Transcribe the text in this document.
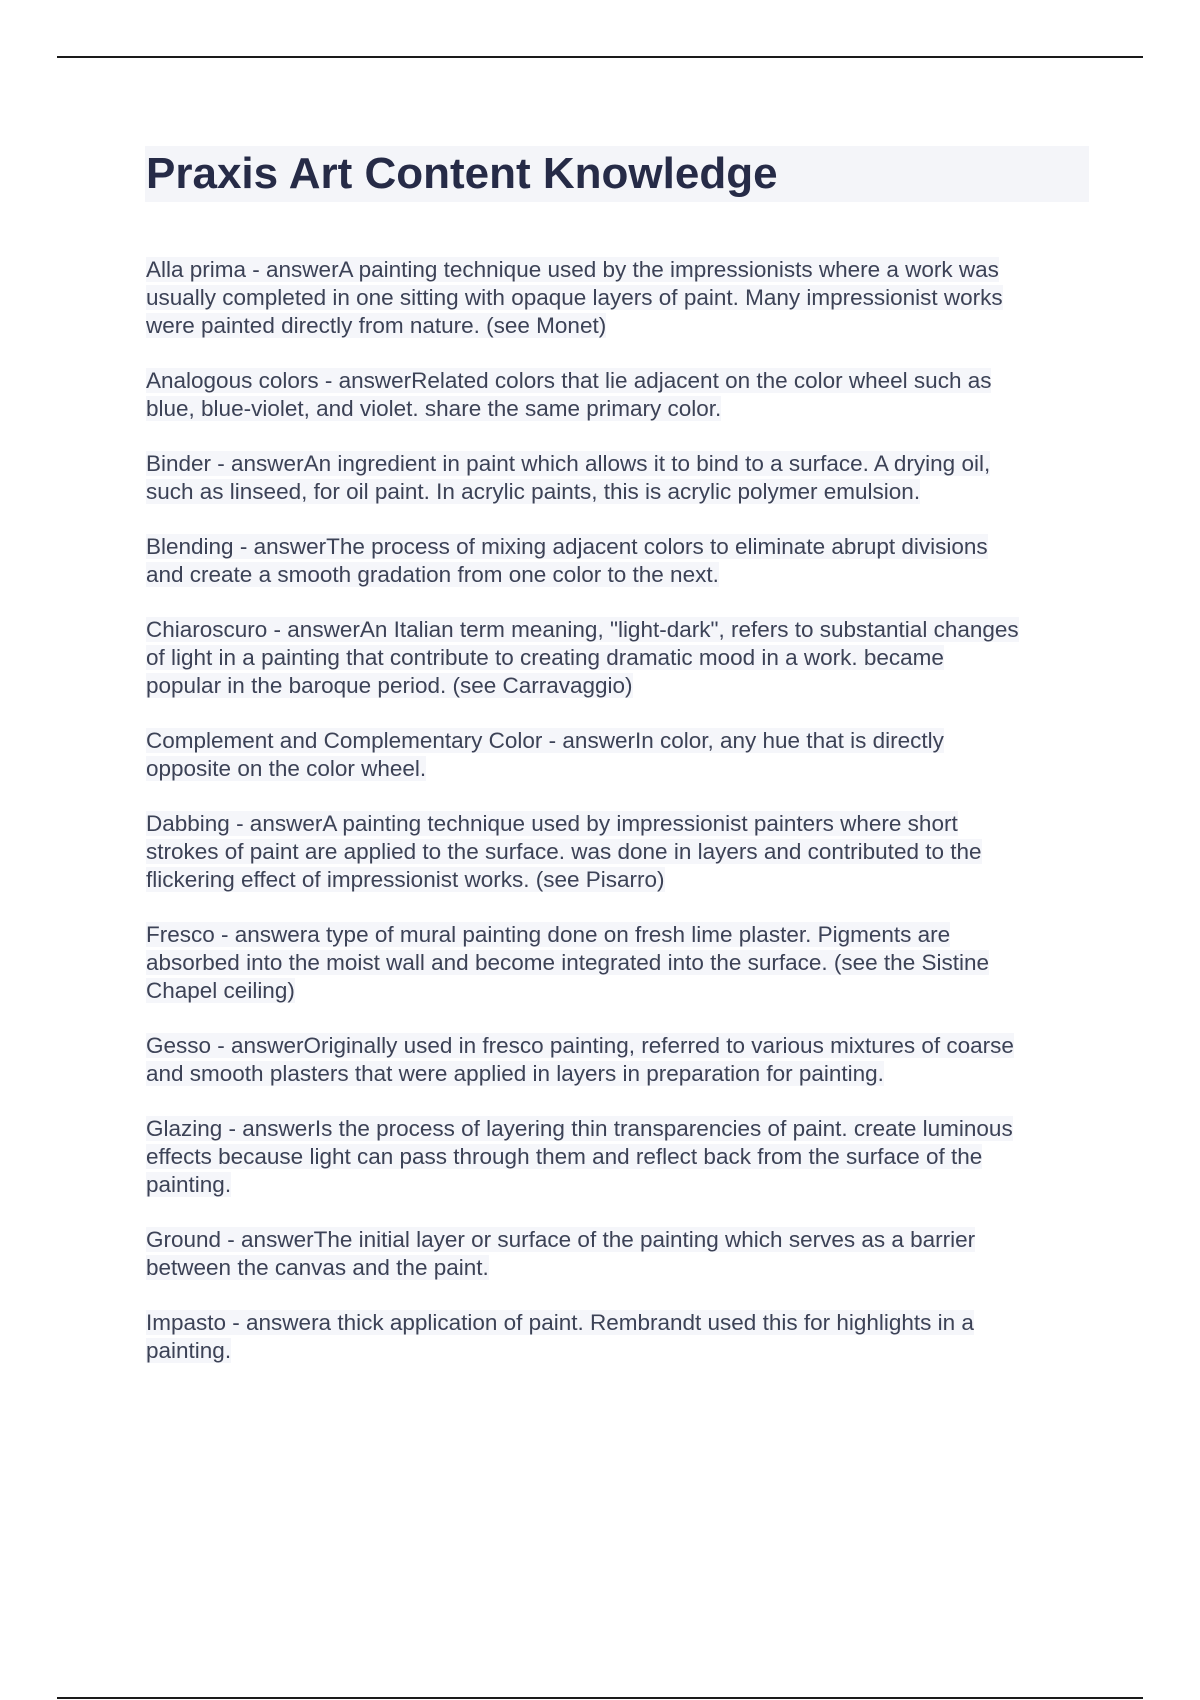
Praxis Art Content Knowledge

Alla prima - answerA painting technique used by the impressionists where a work was
usually completed in one sitting with opaque layers of paint. Many impressionist works
were painted directly from nature. (see Monet)

Analogous colors - answerRelated colors that lie adjacent on the color wheel such as
blue, blue-violet, and violet. share the same primary color.

Binder - answerAn ingredient in paint which allows it to bind to a surface. A drying oil,
such as linseed, for oil paint. In acrylic paints, this is acrylic polymer emulsion.

Blending - answerThe process of mixing adjacent colors to eliminate abrupt divisions
and create a smooth gradation from one color to the next.

Chiaroscuro - answerAn Italian term meaning, "light-dark", refers to substantial changes
of light in a painting that contribute to creating dramatic mood in a work. became
popular in the baroque period. (see Carravaggio)

Complement and Complementary Color - answerIn color, any hue that is directly
opposite on the color wheel.

Dabbing - answerA painting technique used by impressionist painters where short
strokes of paint are applied to the surface. was done in layers and contributed to the
flickering effect of impressionist works. (see Pisarro)

Fresco - answera type of mural painting done on fresh lime plaster. Pigments are
absorbed into the moist wall and become integrated into the surface. (see the Sistine
Chapel ceiling)

Gesso - answerOriginally used in fresco painting, referred to various mixtures of coarse
and smooth plasters that were applied in layers in preparation for painting.

Glazing - answerIs the process of layering thin transparencies of paint. create luminous
effects because light can pass through them and reflect back from the surface of the
painting.

Ground - answerThe initial layer or surface of the painting which serves as a barrier
between the canvas and the paint.

Impasto - answera thick application of paint. Rembrandt used this for highlights in a
painting.
